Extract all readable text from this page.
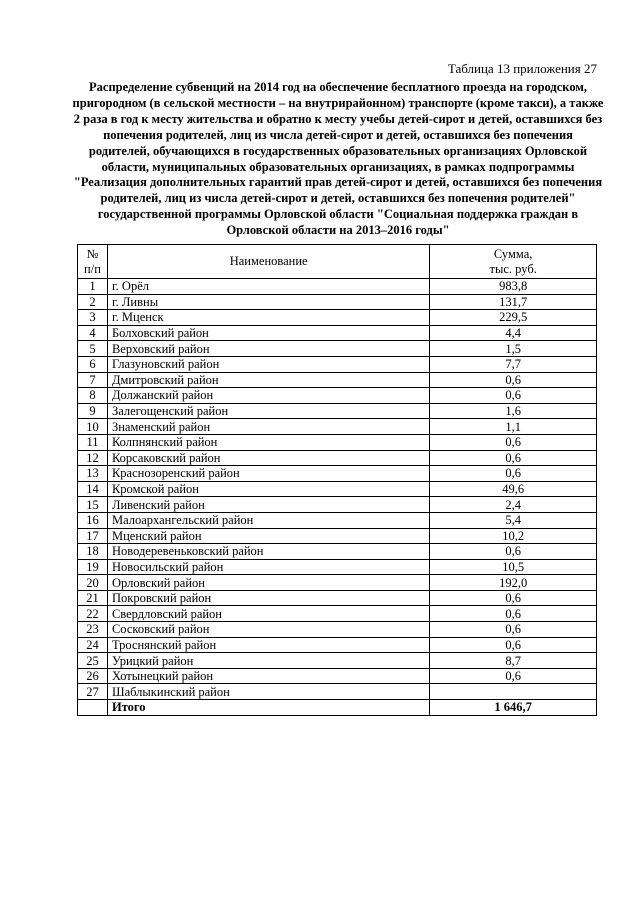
Таблица 13 приложения 27
Распределение субвенций на 2014 год на обеспечение бесплатного проезда на городском, пригородном (в сельской местности – на внутрирайонном) транспорте (кроме такси), а также 2 раза в год к месту жительства и обратно к месту учебы детей-сирот и детей, оставшихся без попечения родителей, лиц из числа детей-сирот и детей, оставшихся без попечения родителей, обучающихся в государственных образовательных организациях Орловской области, муниципальных образовательных организациях, в рамках подпрограммы "Реализация дополнительных гарантий прав детей-сирот и детей, оставшихся без попечения родителей, лиц из числа детей-сирот и детей, оставшихся без попечения родителей" государственной программы Орловской области "Социальная поддержка граждан в Орловской области на 2013–2016 годы"
№
п/п	Наименование	Сумма,
тыс. руб.
1	г. Орёл	983,8
2	г. Ливны	131,7
3	г. Мценск	229,5
4	Болховский район	4,4
5	Верховский район	1,5
6	Глазуновский район	7,7
7	Дмитровский район	0,6
8	Должанский район	0,6
9	Залегощенский район	1,6
10	Знаменский район	1,1
11	Колпнянский район	0,6
12	Корсаковский район	0,6
13	Краснозоренский район	0,6
14	Кромской район	49,6
15	Ливенский район	2,4
16	Малоархангельский район	5,4
17	Мценский район	10,2
18	Новодеревеньковский район	0,6
19	Новосильский район	10,5
20	Орловский район	192,0
21	Покровский район	0,6
22	Свердловский район	0,6
23	Сосковский район	0,6
24	Троснянский район	0,6
25	Урицкий район	8,7
26	Хотынецкий район	0,6
27	Шаблыкинский район	
	Итого	1 646,7
